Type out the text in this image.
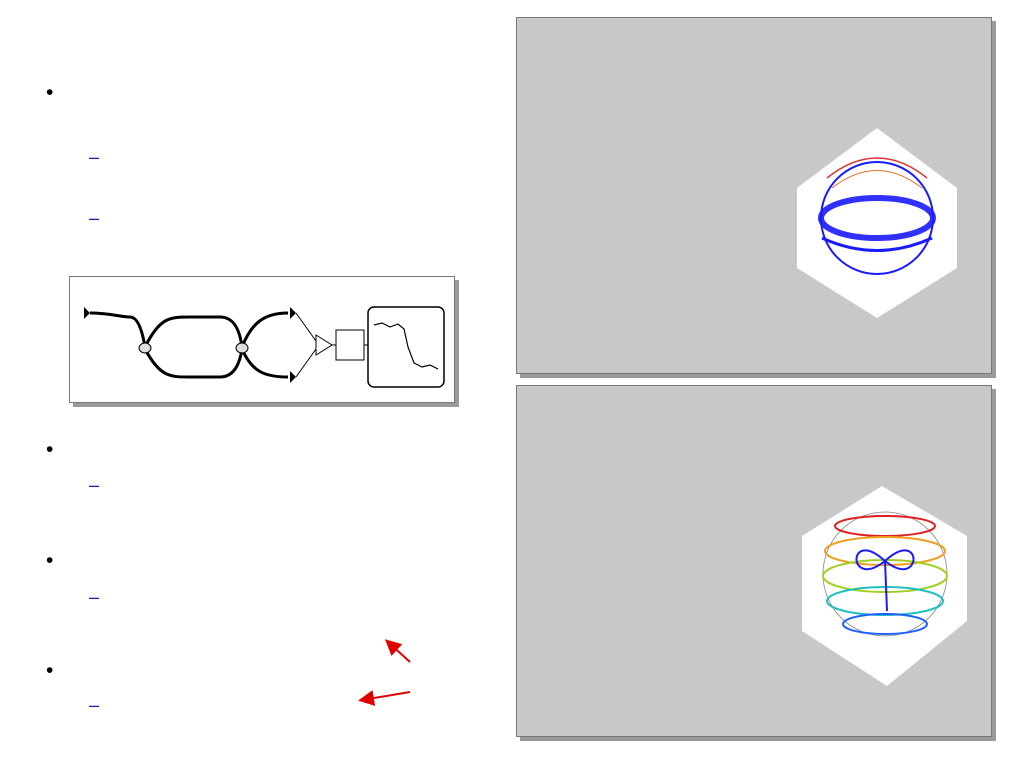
•
–
–
•
–
•
–
•
–
